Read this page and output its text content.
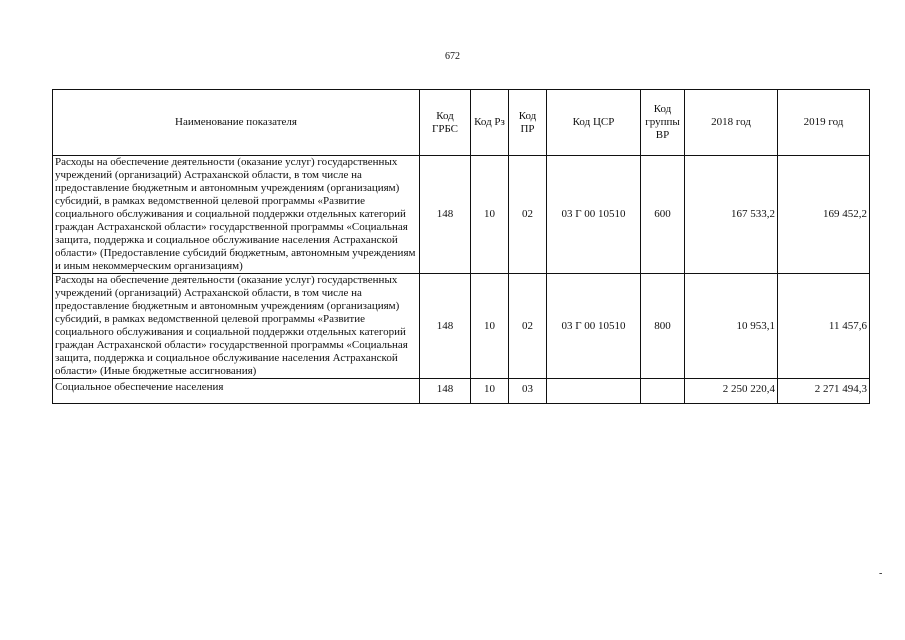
672
Наименование показателя	Код ГРБС	Код Рз	Код ПР	Код ЦСР	Код группы ВР	2018 год	2019 год
Расходы на обеспечение деятельности (оказание услуг) государственных учреждений (организаций) Астраханской области, в том числе на предоставление бюджетным и автономным учреждениям (организациям) субсидий, в рамках ведомственной целевой программы «Развитие социального обслуживания и социальной поддержки отдельных категорий граждан Астраханской области» государственной программы «Социальная защита, поддержка и социальное обслуживание населения Астраханской области» (Предоставление субсидий бюджетным, автономным учреждениям и иным некоммерческим организациям)	148	10	02	03 Г 00 10510	600	167 533,2	169 452,2
Расходы на обеспечение деятельности (оказание услуг) государственных учреждений (организаций) Астраханской области, в том числе на предоставление бюджетным и автономным учреждениям (организациям) субсидий, в рамках ведомственной целевой программы «Развитие социального обслуживания и социальной поддержки отдельных категорий граждан Астраханской области» государственной программы «Социальная защита, поддержка и социальное обслуживание населения Астраханской области» (Иные бюджетные ассигнования)	148	10	02	03 Г 00 10510	800	10 953,1	11 457,6
Социальное обеспечение населения	148	10	03			2 250 220,4	2 271 494,3
-
